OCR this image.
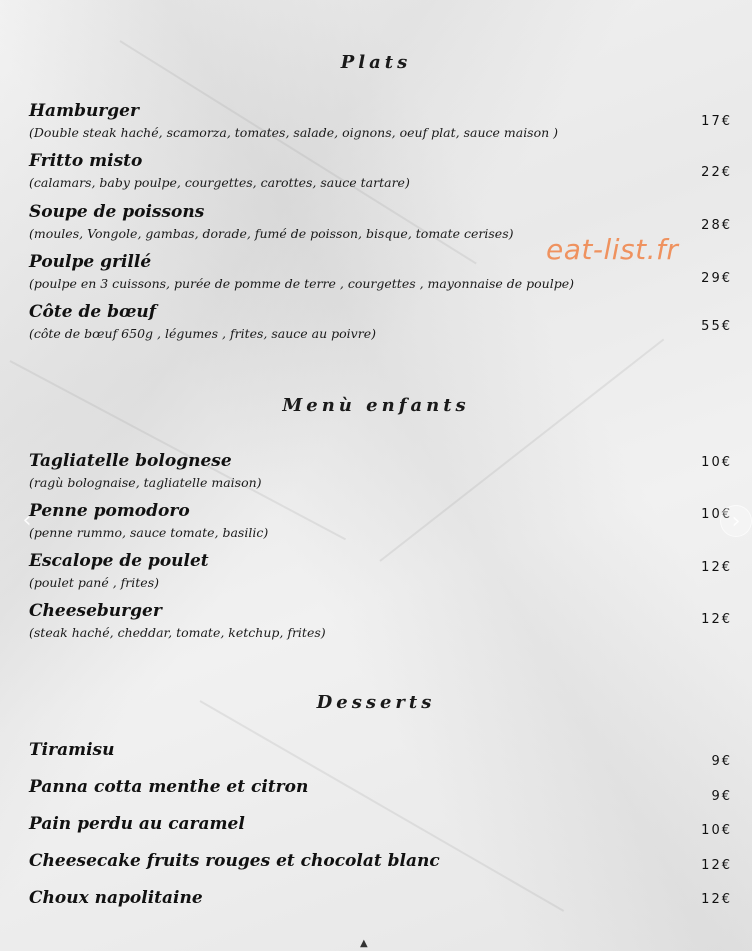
Plats
Hamburger
(Double steak haché, scamorza, tomates, salade, oignons, oeuf plat, sauce maison )
17€
Fritto misto
(calamars, baby poulpe, courgettes, carottes, sauce tartare)
22€
Soupe de poissons
(moules, Vongole, gambas, dorade, fumé de poisson, bisque, tomate cerises)
28€
Poulpe grillé
(poulpe en 3 cuissons, purée de pomme de terre , courgettes , mayonnaise de poulpe)	29€
Côte de bœuf
(côte de bœuf 650g , légumes , frites, sauce au poivre)	55€
Menù enfants
Tagliatelle bolognese
(ragù bolognaise, tagliatelle maison)
10€
Penne pomodoro
(penne rummo, sauce tomate, basilic)
10€
Escalope de poulet
(poulet pané , frites)
12€
Cheeseburger
(steak haché, cheddar, tomate, ketchup, frites)
12€
Desserts
Tiramisu
9€
Panna cotta menthe et citron	9€
Pain perdu au caramel	10€
Cheesecake fruits rouges et chocolat blanc	12€
Choux napolitaine	12€
eat-list.fr
‹	›
▲
